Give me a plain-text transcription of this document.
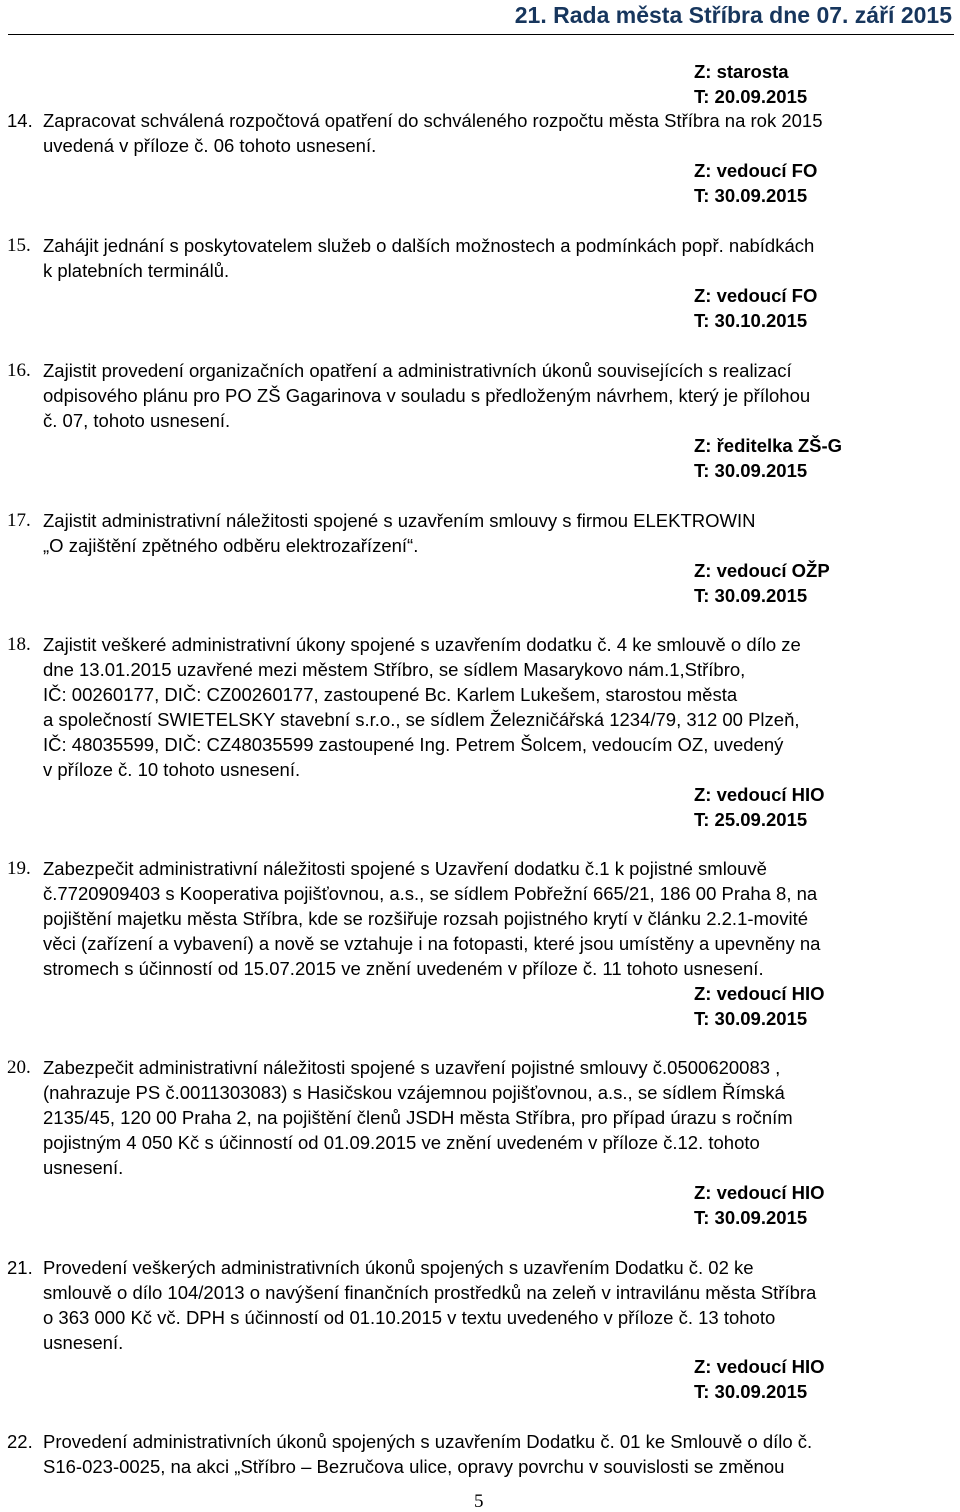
21. Rada města Stříbra dne 07. září 2015
Z: starosta
T: 20.09.2015
14. Zapracovat schválená rozpočtová opatření do schváleného rozpočtu města Stříbra na rok 2015
uvedená v příloze č. 06 tohoto usnesení.
Z: vedoucí FO
T: 30.09.2015
15. Zahájit jednání s poskytovatelem služeb o dalších možnostech a podmínkách popř. nabídkách
k platebních terminálů.
Z: vedoucí FO
T: 30.10.2015
16. Zajistit provedení organizačních opatření a administrativních úkonů souvisejících s realizací
odpisového plánu pro PO ZŠ Gagarinova v souladu s předloženým návrhem, který je přílohou
č. 07, tohoto usnesení.
Z: ředitelka ZŠ-G
T: 30.09.2015
17. Zajistit administrativní náležitosti spojené s uzavřením smlouvy s firmou ELEKTROWIN
„O zajištění zpětného odběru elektrozařízení“.
Z: vedoucí OŽP
T: 30.09.2015
18. Zajistit veškeré administrativní úkony spojené s uzavřením dodatku č. 4 ke smlouvě o dílo ze
dne 13.01.2015 uzavřené mezi městem Stříbro, se sídlem Masarykovo nám.1,Stříbro,
IČ: 00260177, DIČ: CZ00260177, zastoupené Bc. Karlem Lukešem, starostou města
a společností SWIETELSKY stavební s.r.o., se sídlem Železničářská 1234/79, 312 00 Plzeň,
IČ: 48035599, DIČ: CZ48035599 zastoupené Ing. Petrem Šolcem, vedoucím OZ, uvedený
v příloze č. 10 tohoto usnesení.
Z: vedoucí HIO
T: 25.09.2015
19. Zabezpečit administrativní náležitosti spojené s Uzavření dodatku č.1 k pojistné smlouvě
č.7720909403 s Kooperativa pojišťovnou, a.s., se sídlem Pobřežní 665/21, 186 00 Praha 8, na
pojištění majetku města Stříbra, kde se rozšiřuje rozsah pojistného krytí v článku 2.2.1-movité
věci (zařízení a vybavení) a nově se vztahuje i na fotopasti, které jsou umístěny a upevněny na
stromech s účinností od 15.07.2015 ve znění uvedeném v příloze č. 11 tohoto usnesení.
Z: vedoucí HIO
T: 30.09.2015
20. Zabezpečit administrativní náležitosti spojené s uzavření pojistné smlouvy č.0500620083 ,
(nahrazuje PS č.0011303083) s Hasičskou vzájemnou pojišťovnou, a.s., se sídlem Římská
2135/45, 120 00 Praha 2, na pojištění členů JSDH města Stříbra, pro případ úrazu s ročním
pojistným 4 050 Kč s účinností od 01.09.2015 ve znění uvedeném v příloze č.12. tohoto
usnesení.
Z: vedoucí HIO
T: 30.09.2015
21. Provedení veškerých administrativních úkonů spojených s uzavřením Dodatku č. 02 ke
smlouvě o dílo 104/2013 o navýšení finančních prostředků na zeleň v intravilánu města Stříbra
o 363 000 Kč vč. DPH s účinností od 01.10.2015 v textu uvedeného v příloze č. 13 tohoto
usnesení.
Z: vedoucí HIO
T: 30.09.2015
22. Provedení administrativních úkonů spojených s uzavřením Dodatku č. 01 ke Smlouvě o dílo č.
S16-023-0025, na akci „Stříbro – Bezručova ulice, opravy povrchu v souvislosti se změnou
5
